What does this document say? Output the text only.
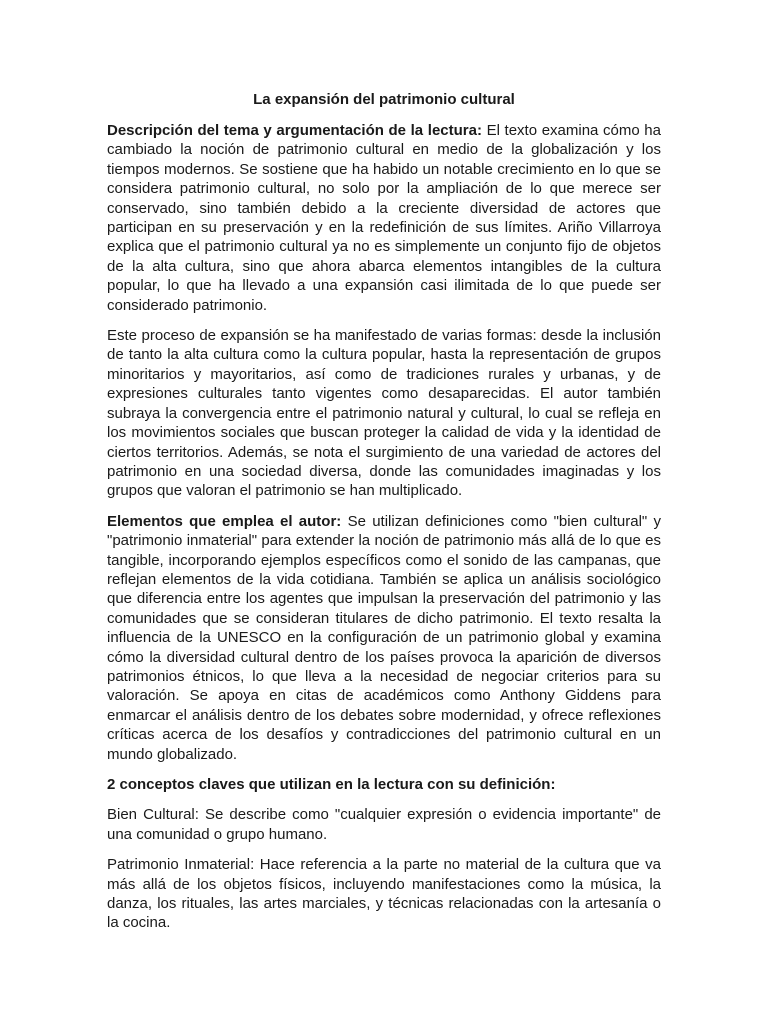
La expansión del patrimonio cultural

Descripción del tema y argumentación de la lectura: El texto examina cómo ha cambiado la noción de patrimonio cultural en medio de la globalización y los tiempos modernos. Se sostiene que ha habido un notable crecimiento en lo que se considera patrimonio cultural, no solo por la ampliación de lo que merece ser conservado, sino también debido a la creciente diversidad de actores que participan en su preservación y en la redefinición de sus límites. Ariño Villarroya explica que el patrimonio cultural ya no es simplemente un conjunto fijo de objetos de la alta cultura, sino que ahora abarca elementos intangibles de la cultura popular, lo que ha llevado a una expansión casi ilimitada de lo que puede ser considerado patrimonio.

Este proceso de expansión se ha manifestado de varias formas: desde la inclusión de tanto la alta cultura como la cultura popular, hasta la representación de grupos minoritarios y mayoritarios, así como de tradiciones rurales y urbanas, y de expresiones culturales tanto vigentes como desaparecidas. El autor también subraya la convergencia entre el patrimonio natural y cultural, lo cual se refleja en los movimientos sociales que buscan proteger la calidad de vida y la identidad de ciertos territorios. Además, se nota el surgimiento de una variedad de actores del patrimonio en una sociedad diversa, donde las comunidades imaginadas y los grupos que valoran el patrimonio se han multiplicado.

Elementos que emplea el autor: Se utilizan definiciones como "bien cultural" y "patrimonio inmaterial" para extender la noción de patrimonio más allá de lo que es tangible, incorporando ejemplos específicos como el sonido de las campanas, que reflejan elementos de la vida cotidiana. También se aplica un análisis sociológico que diferencia entre los agentes que impulsan la preservación del patrimonio y las comunidades que se consideran titulares de dicho patrimonio. El texto resalta la influencia de la UNESCO en la configuración de un patrimonio global y examina cómo la diversidad cultural dentro de los países provoca la aparición de diversos patrimonios étnicos, lo que lleva a la necesidad de negociar criterios para su valoración. Se apoya en citas de académicos como Anthony Giddens para enmarcar el análisis dentro de los debates sobre modernidad, y ofrece reflexiones críticas acerca de los desafíos y contradicciones del patrimonio cultural en un mundo globalizado.

2 conceptos claves que utilizan en la lectura con su definición:

Bien Cultural: Se describe como "cualquier expresión o evidencia importante" de una comunidad o grupo humano.

Patrimonio Inmaterial: Hace referencia a la parte no material de la cultura que va más allá de los objetos físicos, incluyendo manifestaciones como la música, la danza, los rituales, las artes marciales, y técnicas relacionadas con la artesanía o la cocina.
